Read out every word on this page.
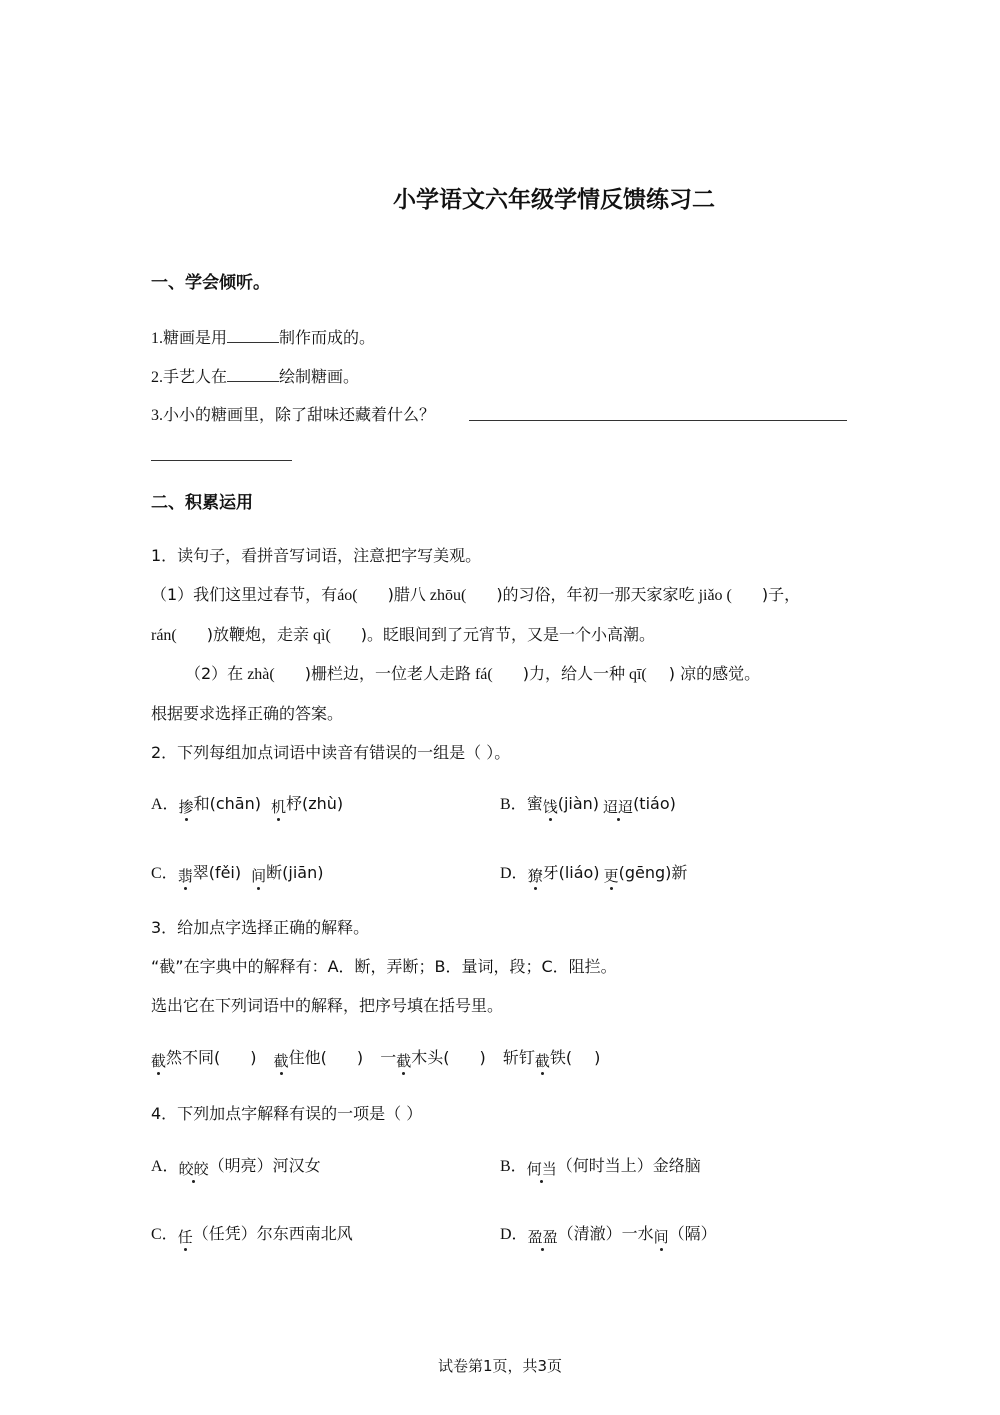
小学语文六年级学情反馈练习二
一、学会倾听。
1.糖画是用	制作而成的。
2.手艺人在	绘制糖画。
3.小小的糖画里，除了甜味还藏着什么？
二、积累运用
1．读句子，看拼音写词语，注意把字写美观。
（1）我们这里过春节，有áo( )腊八 zhōu( )的习俗，年初一那天家家吃 jiǎo ( )子，
rán( )放鞭炮，走亲 qì( )。眨眼间到了元宵节，又是一个小高潮。
（2）在 zhà( )栅栏边，一位老人走路 fá( )力，给人一种 qī( ) 凉的感觉。
根据要求选择正确的答案。
2．下列每组加点词语中读音有错误的一组是（ ）。
A．掺和(chān) 机杼(zhù)	B．蜜饯(jiàn) 迢迢(tiáo)
C．翡翠(fěi) 间断(jiān)	D．獠牙(liáo) 更(gēng)新
3．给加点字选择正确的解释。
“截”在字典中的解释有：A．断，弄断；B．量词，段；C．阻拦。
选出它在下列词语中的解释，把序号填在括号里。
截然不同( ) 截住他( ) 一截木头( ) 斩钉截铁( )
4．下列加点字解释有误的一项是（ ）
A．皎皎（明亮）河汉女	B．何当（何时当上）金络脑
C．任（任凭）尔东西南北风	D．盈盈（清澈）一水间（隔）
试卷第1页，共3页
